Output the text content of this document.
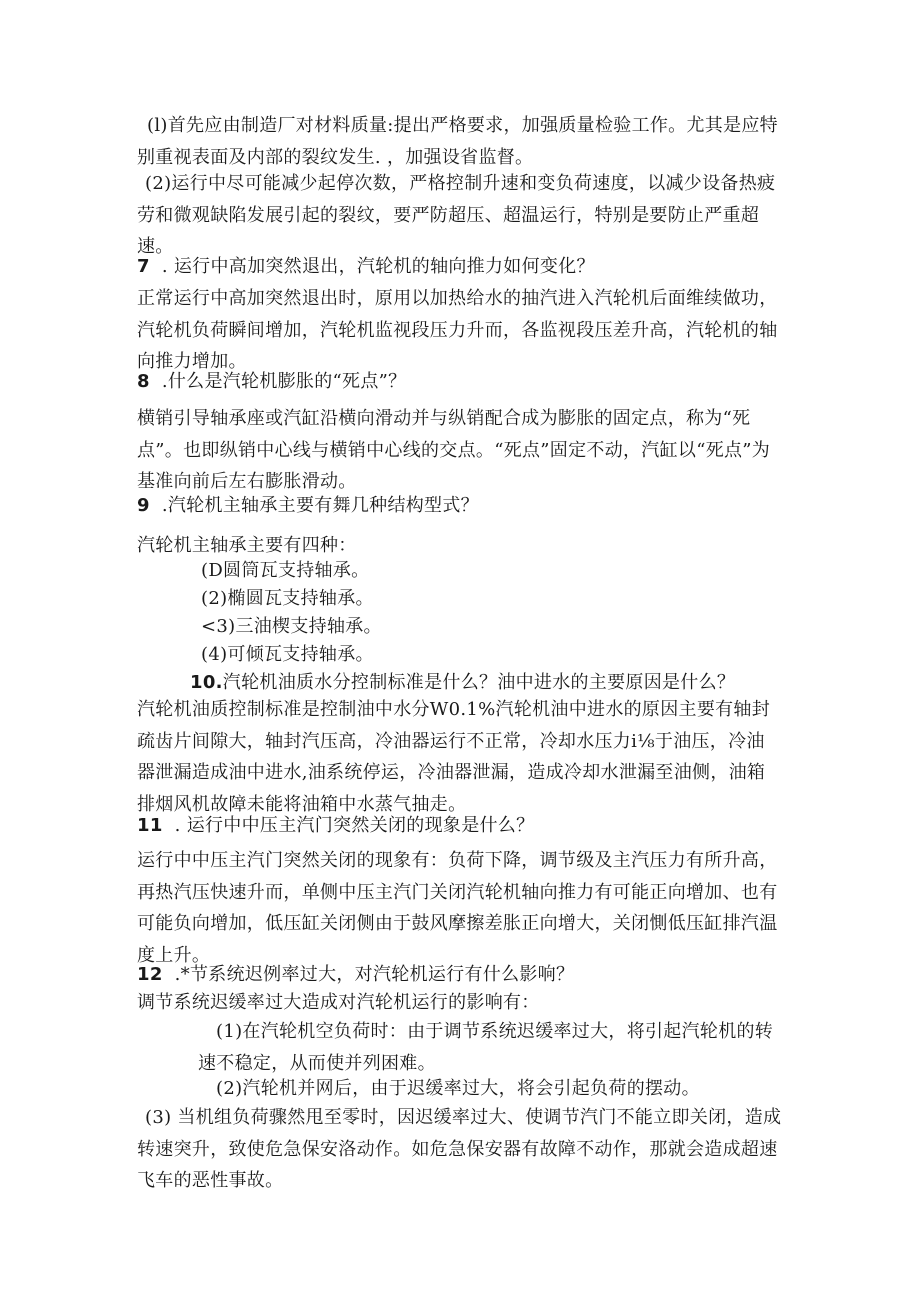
(l)首先应由制造厂对材料质量:提出严格要求，加强质量检验工作。尤其是应特别重视表面及内部的裂纹发生. ，加强设省监督。

(2)运行中尽可能减少起停次数，严格控制升速和变负荷速度，以减少设备热疲劳和微观缺陷发展引起的裂纹，要严防超压、超温运行，特别是要防止严重超速。

7 . 运行中高加突然退出，汽轮机的轴向推力如何变化？

正常运行中高加突然退出时，原用以加热给水的抽汽进入汽轮机后面维续做功，汽轮机负荷瞬间增加，汽轮机监视段压力升而，各监视段压差升高，汽轮机的轴向推力增加。

8 .什么是汽轮机膨胀的“死点”？

横销引导轴承座或汽缸沿横向滑动并与纵销配合成为膨胀的固定点，称为“死点”。也即纵销中心线与横销中心线的交点。“死点”固定不动，汽缸以“死点”为基准向前后左右膨胀滑动。

9 .汽轮机主轴承主要有舞几种结构型式？

汽轮机主轴承主要有四种：

(D圆筒瓦支持轴承。

(2)椭圆瓦支持轴承。

<3)三油楔支持轴承。

(4)可倾瓦支持轴承。

10.汽轮机油质水分控制标准是什么？油中进水的主要原因是什么？

汽轮机油质控制标准是控制油中水分W0.1%汽轮机油中进水的原因主要有轴封疏齿片间隙大，轴封汽压高，冷油器运行不正常，冷却水压力i⅛于油压，冷油器泄漏造成油中进水,油系统停运，冷油器泄漏，造成冷却水泄漏至油侧，油箱排烟风机故障未能将油箱中水蒸气抽走。

11 . 运行中中压主汽门突然关闭的现象是什么？

运行中中压主汽门突然关闭的现象有：负荷下降，调节级及主汽压力有所升高，再热汽压快速升而，单侧中压主汽门关闭汽轮机轴向推力有可能正向增加、也有可能负向增加，低压缸关闭侧由于鼓风摩擦差胀正向增大，关闭惻低压缸排汽温度上升。

12 .*节系统迟例率过大，对汽轮机运行有什么影响？

调节系统迟缓率过大造成对汽轮机运行的影响有：

(1)在汽轮机空负荷时：由于调节系统迟缓率过大，将引起汽轮机的转速不稳定，从而使并列困难。

(2)汽轮机并网后，由于迟缓率过大，将会引起负荷的摆动。

(3) 当机组负荷骤然甩至零时，因迟缓率过大、使调节汽门不能立即关闭，造成转速突升，致使危急保安洛动作。如危急保安器有故障不动作，那就会造成超速飞车的恶性事故。
